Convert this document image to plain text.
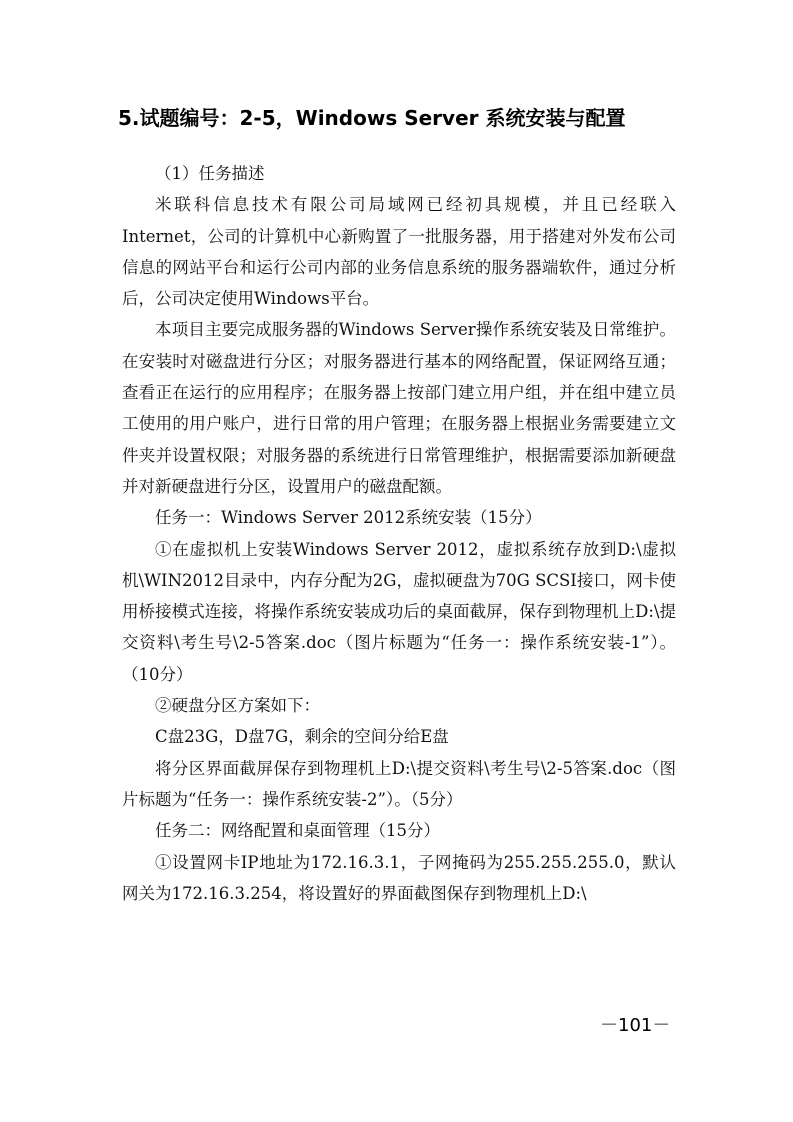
5.试题编号：2-5，Windows Server 系统安装与配置

（1）任务描述

米联科信息技术有限公司局域网已经初具规模，并且已经联入Internet，公司的计算机中心新购置了一批服务器，用于搭建对外发布公司信息的网站平台和运行公司内部的业务信息系统的服务器端软件，通过分析后，公司决定使用Windows平台。

本项目主要完成服务器的Windows Server操作系统安装及日常维护。在安装时对磁盘进行分区；对服务器进行基本的网络配置，保证网络互通；查看正在运行的应用程序；在服务器上按部门建立用户组，并在组中建立员工使用的用户账户，进行日常的用户管理；在服务器上根据业务需要建立文件夹并设置权限；对服务器的系统进行日常管理维护，根据需要添加新硬盘并对新硬盘进行分区，设置用户的磁盘配额。

任务一：Windows Server 2012系统安装（15分）

①在虚拟机上安装Windows Server 2012，虚拟系统存放到D:\虚拟机\WIN2012目录中，内存分配为2G，虚拟硬盘为70G SCSI接口，网卡使用桥接模式连接，将操作系统安装成功后的桌面截屏，保存到物理机上D:\提交资料\考生号\2-5答案.doc（图片标题为“任务一：操作系统安装-1”）。（10分）

②硬盘分区方案如下：

C盘23G，D盘7G，剩余的空间分给E盘

将分区界面截屏保存到物理机上D:\提交资料\考生号\2-5答案.doc（图片标题为“任务一：操作系统安装-2”）。（5分）

任务二：网络配置和桌面管理（15分）

①设置网卡IP地址为172.16.3.1，子网掩码为255.255.255.0，默认网关为172.16.3.254，将设置好的界面截图保存到物理机上D:\

－101－
